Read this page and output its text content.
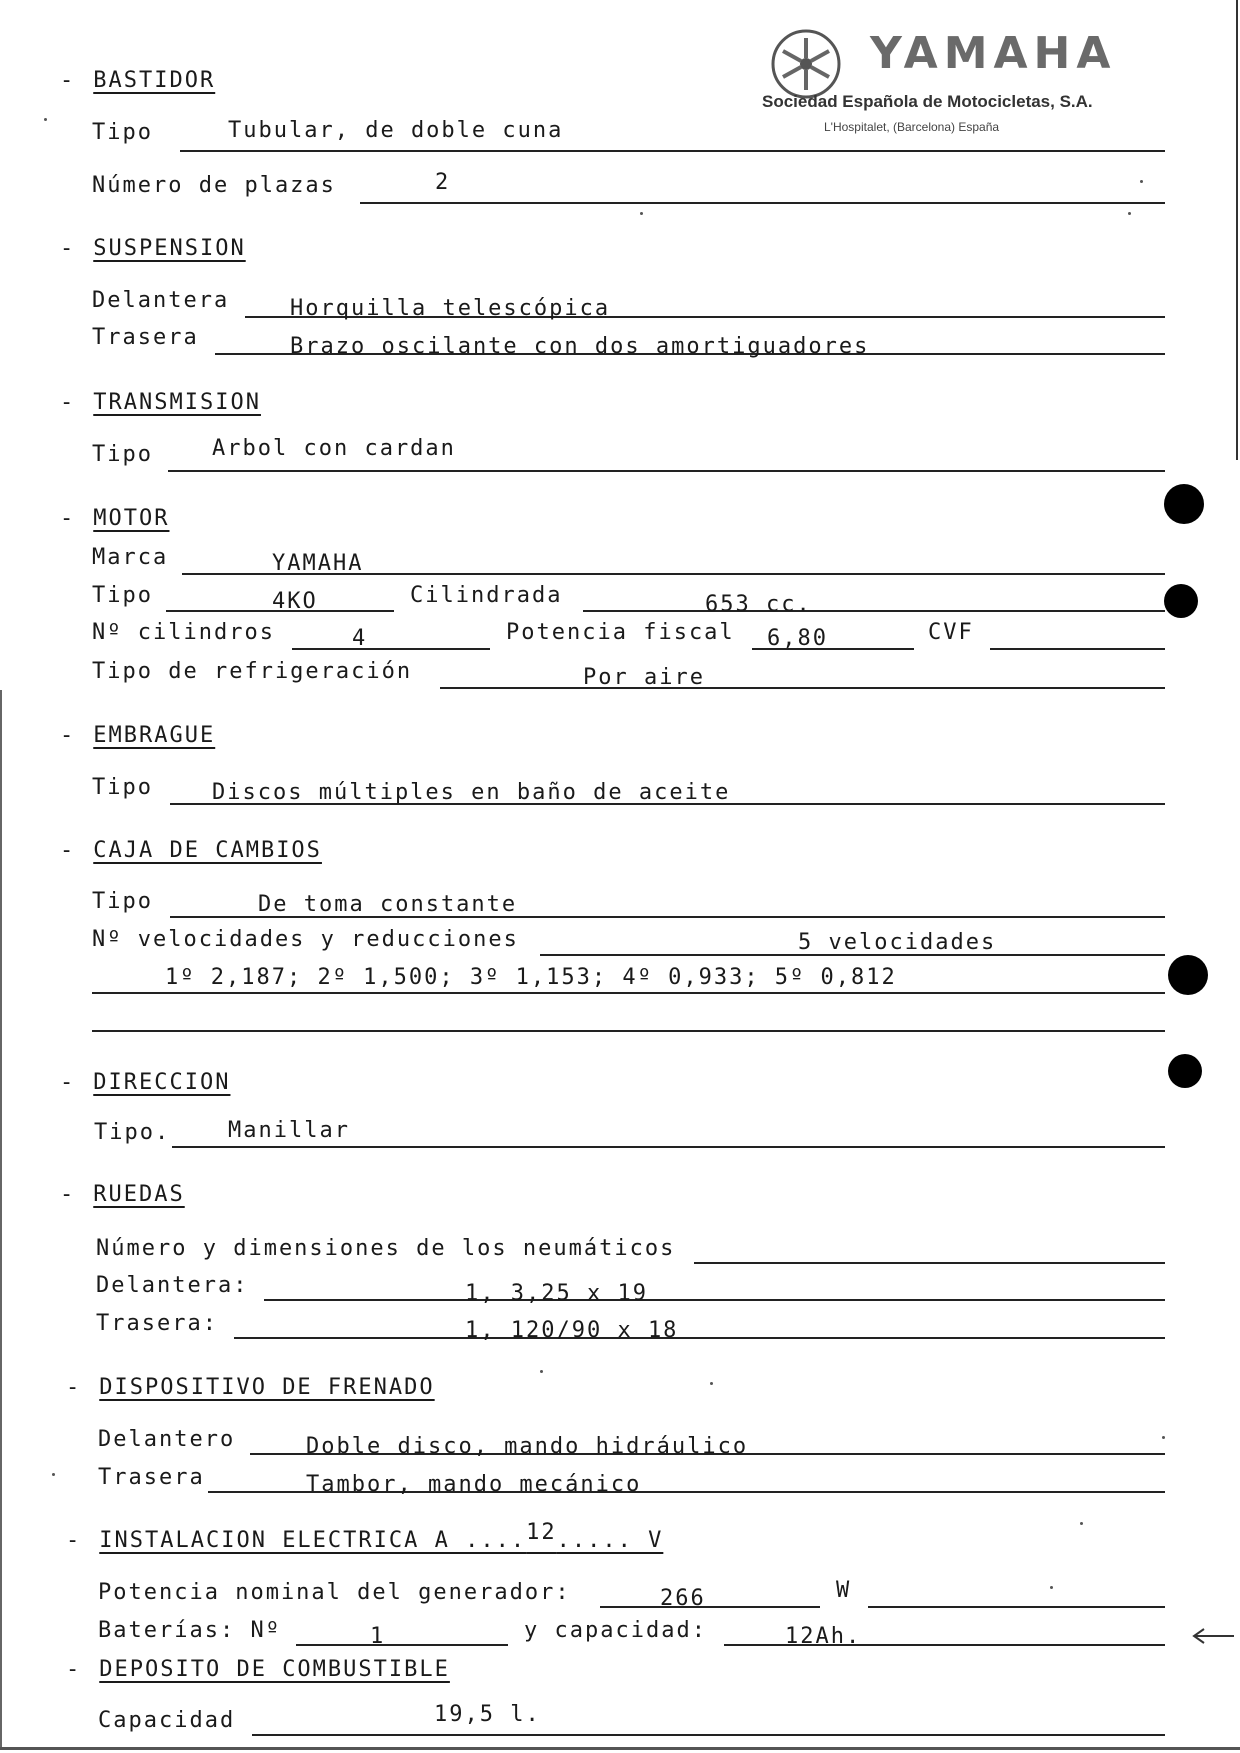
YAMAHA
Sociedad Española de Motocicletas, S.A.
L'Hospitalet, (Barcelona) España
- BASTIDOR
Tipo	Tubular, de doble cuna
Número de plazas	2
- SUSPENSION
Delantera	Horquilla telescópica
Trasera	Brazo oscilante con dos amortiguadores
- TRANSMISION
Tipo	Arbol con cardan
- MOTOR
Marca	YAMAHA
Tipo	4KO	Cilindrada	653 cc.
Nº cilindros	4	Potencia fiscal 6,80	CVF
Tipo de refrigeración	Por aire
- EMBRAGUE
Tipo	Discos múltiples en baño de aceite
- CAJA DE CAMBIOS
Tipo	De toma constante
Nº velocidades y reducciones	5 velocidades
1º 2,187; 2º 1,500; 3º 1,153; 4º 0,933; 5º 0,812
- DIRECCION
Tipo.	Manillar
- RUEDAS
Número y dimensiones de los neumáticos
Delantera:	1, 3,25 x 19
Trasera:	1, 120/90 x 18
- DISPOSITIVO DE FRENADO
Delantero	Doble disco, mando hidráulico
Trasera	Tambor, mando mecánico
- INSTALACION ELECTRICA A ....12..... V
Potencia nominal del generador:	266	W
Baterías: Nº	1	y capacidad:	12Ah.
- DEPOSITO DE COMBUSTIBLE
Capacidad	19,5 l.
